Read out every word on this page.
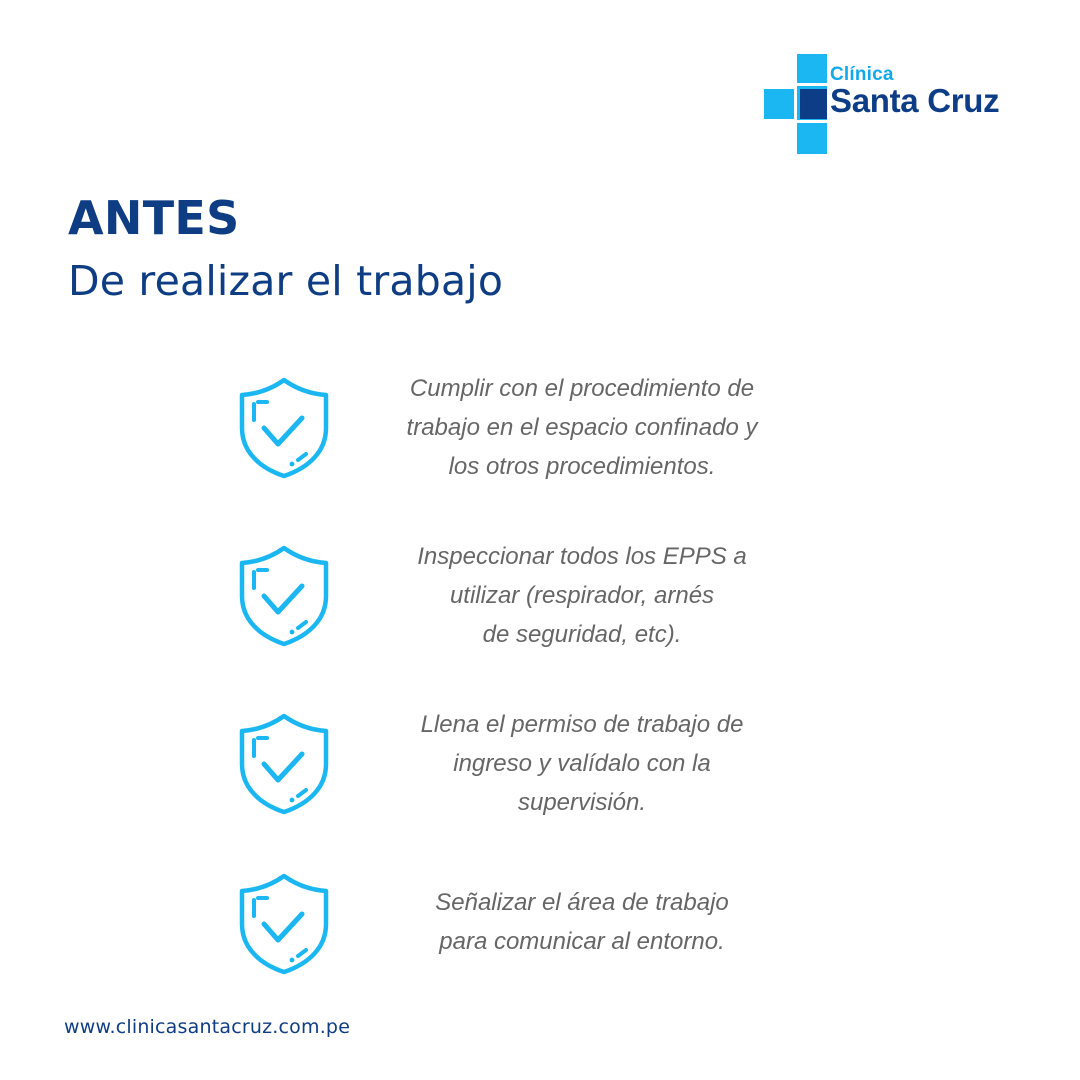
Clínica
Santa Cruz
ANTES
De realizar el trabajo

Cumplir con el procedimiento de
trabajo en el espacio confinado y
los otros procedimientos.

Inspeccionar todos los EPPS a
utilizar (respirador, arnés
de seguridad, etc).

Llena el permiso de trabajo de
ingreso y valídalo con la
supervisión.

Señalizar el área de trabajo
para comunicar al entorno.

www.clinicasantacruz.com.pe
